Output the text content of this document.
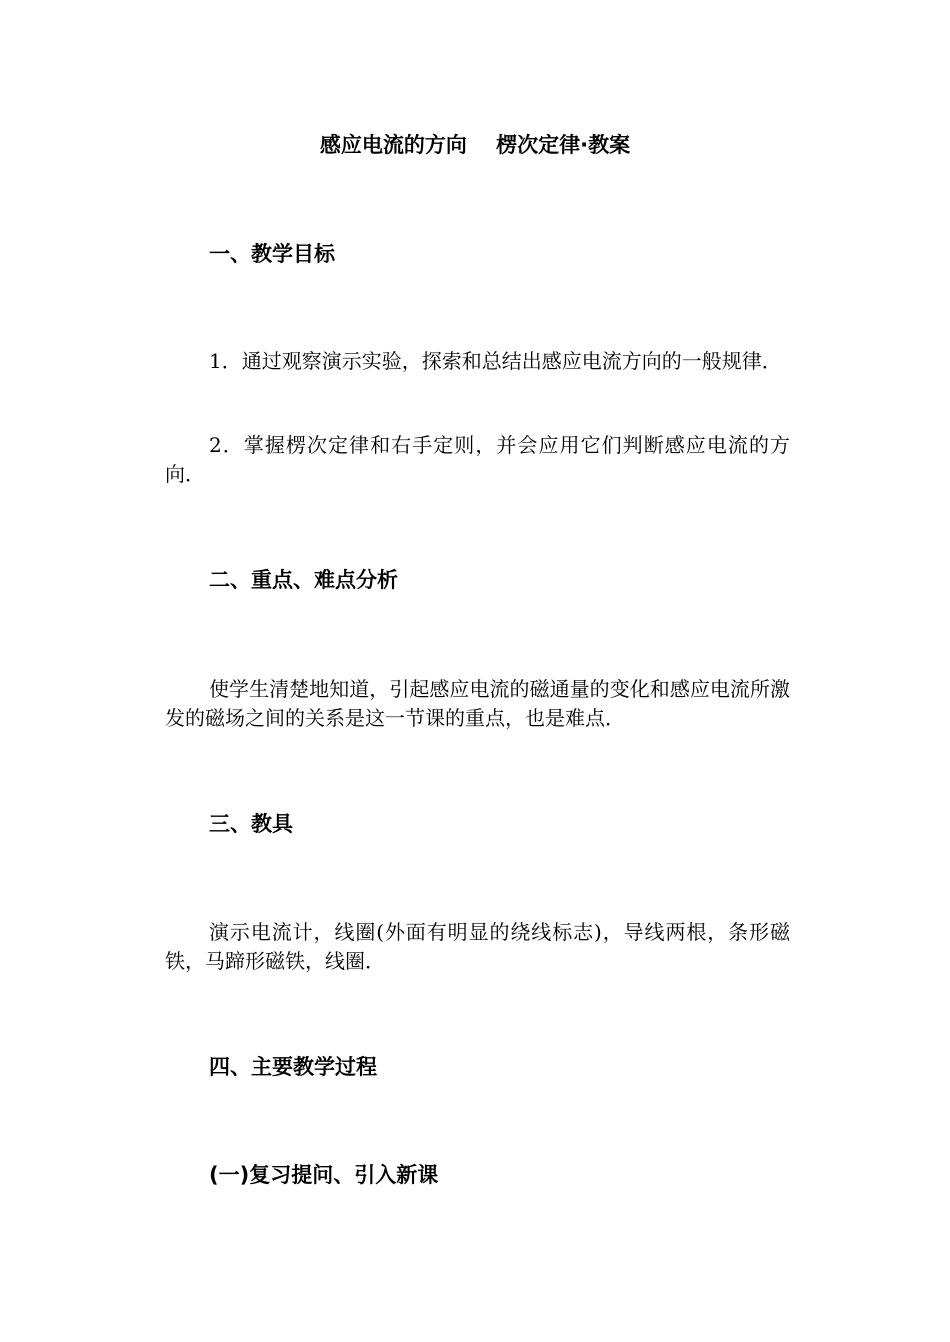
感应电流的方向    楞次定律·教案
一、教学目标
1．通过观察演示实验，探索和总结出感应电流方向的一般规律．
2．掌握楞次定律和右手定则，并会应用它们判断感应电流的方向．
二、重点、难点分析
使学生清楚地知道，引起感应电流的磁通量的变化和感应电流所激发的磁场之间的关系是这一节课的重点，也是难点．
三、教具
演示电流计，线圈(外面有明显的绕线标志)，导线两根，条形磁铁，马蹄形磁铁，线圈．
四、主要教学过程
(一)复习提问、引入新课
